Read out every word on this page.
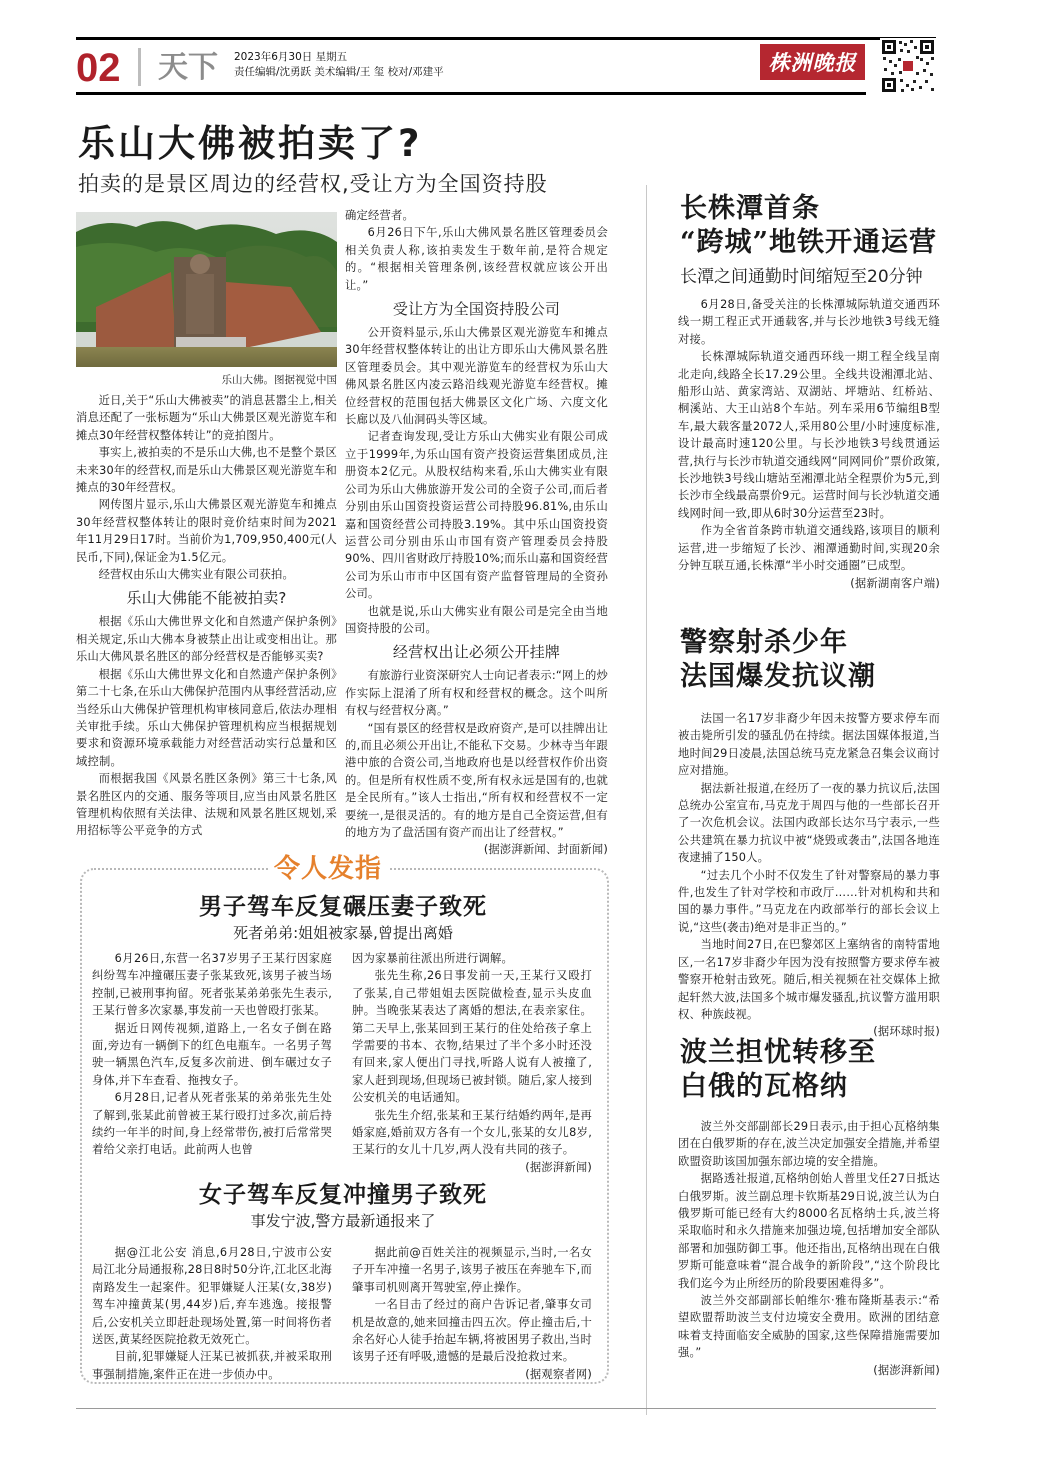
02 天下 2023年6月30日 星期五
责任编辑/沈勇跃 美术编辑/王 玺 校对/邓建平	株洲晚报
乐山大佛被拍卖了?
拍卖的是景区周边的经营权,受让方为全国资持股
乐山大佛。图据视觉中国

近日,关于“乐山大佛被卖”的消息甚嚣尘上,相关消息还配了一张标题为“乐山大佛景区观光游览车和摊点30年经营权整体转让”的竞拍图片。

事实上,被拍卖的不是乐山大佛,也不是整个景区未来30年的经营权,而是乐山大佛景区观光游览车和摊点的30年经营权。

网传图片显示,乐山大佛景区观光游览车和摊点30年经营权整体转让的限时竞价结束时间为2021年11月29日17时。当前价为1,709,950,400元(人民币,下同),保证金为1.5亿元。

经营权由乐山大佛实业有限公司获拍。

乐山大佛能不能被拍卖?

根据《乐山大佛世界文化和自然遗产保护条例》相关规定,乐山大佛本身被禁止出让或变相出让。那乐山大佛风景名胜区的部分经营权是否能够买卖?

根据《乐山大佛世界文化和自然遗产保护条例》第二十七条,在乐山大佛保护范围内从事经营活动,应当经乐山大佛保护管理机构审核同意后,依法办理相关审批手续。乐山大佛保护管理机构应当根据规划要求和资源环境承载能力对经营活动实行总量和区域控制。

而根据我国《风景名胜区条例》第三十七条,风景名胜区内的交通、服务等项目,应当由风景名胜区管理机构依照有关法律、法规和风景名胜区规划,采用招标等公平竞争的方式

确定经营者。

6月26日下午,乐山大佛风景名胜区管理委员会相关负责人称,该拍卖发生于数年前,是符合规定的。“根据相关管理条例,该经营权就应该公开出让。”

受让方为全国资持股公司

公开资料显示,乐山大佛景区观光游览车和摊点30年经营权整体转让的出让方即乐山大佛风景名胜区管理委员会。其中观光游览车的经营权为乐山大佛风景名胜区内凌云路沿线观光游览车经营权。摊位经营权的范围包括大佛景区文化广场、六度文化长廊以及八仙洞码头等区域。

记者查询发现,受让方乐山大佛实业有限公司成立于1999年,为乐山国有资产投资运营集团成员,注册资本2亿元。从股权结构来看,乐山大佛实业有限公司为乐山大佛旅游开发公司的全资子公司,而后者分别由乐山国资投资运营公司持股96.81%,由乐山嘉和国资经营公司持股3.19%。其中乐山国资投资运营公司分别由乐山市国有资产管理委员会持股90%、四川省财政厅持股10%;而乐山嘉和国资经营公司为乐山市市中区国有资产监督管理局的全资孙公司。

也就是说,乐山大佛实业有限公司是完全由当地国资持股的公司。

经营权出让必须公开挂牌

有旅游行业资深研究人士向记者表示:“网上的炒作实际上混淆了所有权和经营权的概念。这个叫所有权与经营权分离。”

“国有景区的经营权是政府资产,是可以挂牌出让的,而且必须公开出让,不能私下交易。少林寺当年跟港中旅的合资公司,当地政府也是以经营权作价出资的。但是所有权性质不变,所有权永远是国有的,也就是全民所有。”该人士指出,“所有权和经营权不一定要统一,是很灵活的。有的地方是自己全资运营,但有的地方为了盘活国有资产而出让了经营权。”

(据澎湃新闻、封面新闻)
长株潭首条
“跨城”地铁开通运营
长潭之间通勤时间缩短至20分钟

6月28日,备受关注的长株潭城际轨道交通西环线一期工程正式开通载客,并与长沙地铁3号线无缝对接。

长株潭城际轨道交通西环线一期工程全线呈南北走向,线路全长17.29公里。全线共设湘潭北站、船形山站、黄家湾站、双湖站、坪塘站、红桥站、桐溪站、大王山站8个车站。列车采用6节编组B型车,最大载客量2072人,采用80公里/小时速度标准,设计最高时速120公里。与长沙地铁3号线贯通运营,执行与长沙市轨道交通线网“同网同价”票价政策,长沙地铁3号线山塘站至湘潭北站全程票价为5元,到长沙市全线最高票价9元。运营时间与长沙轨道交通线网时间一致,即从6时30分运营至23时。

作为全省首条跨市轨道交通线路,该项目的顺利运营,进一步缩短了长沙、湘潭通勤时间,实现20余分钟互联互通,长株潭“半小时交通圈”已成型。

(据新湖南客户端)
警察射杀少年
法国爆发抗议潮

法国一名17岁非裔少年因未按警方要求停车而被击毙所引发的骚乱仍在持续。据法国媒体报道,当地时间29日凌晨,法国总统马克龙紧急召集会议商讨应对措施。

据法新社报道,在经历了一夜的暴力抗议后,法国总统办公室宣布,马克龙于周四与他的一些部长召开了一次危机会议。法国内政部长达尔马宁表示,一些公共建筑在暴力抗议中被“烧毁或袭击”,法国各地连夜逮捕了150人。

“过去几个小时不仅发生了针对警察局的暴力事件,也发生了针对学校和市政厅……针对机构和共和国的暴力事件。”马克龙在内政部举行的部长会议上说,“这些(袭击)绝对是非正当的。”

当地时间27日,在巴黎郊区上塞纳省的南特雷地区,一名17岁非裔少年因为没有按照警方要求停车被警察开枪射击致死。随后,相关视频在社交媒体上掀起轩然大波,法国多个城市爆发骚乱,抗议警方滥用职权、种族歧视。

(据环球时报)
波兰担忧转移至
白俄的瓦格纳

波兰外交部副部长29日表示,由于担心瓦格纳集团在白俄罗斯的存在,波兰决定加强安全措施,并希望欧盟资助该国加强东部边境的安全措施。

据路透社报道,瓦格纳创始人普里戈任27日抵达白俄罗斯。波兰副总理卡钦斯基29日说,波兰认为白俄罗斯可能已经有大约8000名瓦格纳士兵,波兰将采取临时和永久措施来加强边境,包括增加安全部队部署和加强防御工事。他还指出,瓦格纳出现在白俄罗斯可能意味着“混合战争的新阶段”,“这个阶段比我们迄今为止所经历的阶段要困难得多”。

波兰外交部副部长帕维尔·雅布隆斯基表示:“希望欧盟帮助波兰支付边境安全费用。欧洲的团结意味着支持面临安全威胁的国家,这些保障措施需要加强。”

(据澎湃新闻)
令人发指
男子驾车反复碾压妻子致死
死者弟弟:姐姐被家暴,曾提出离婚

6月26日,东营一名37岁男子王某行因家庭纠纷驾车冲撞碾压妻子张某致死,该男子被当场控制,已被刑事拘留。死者张某弟弟张先生表示,王某行曾多次家暴,事发前一天也曾殴打张某。

据近日网传视频,道路上,一名女子倒在路面,旁边有一辆倒下的红色电瓶车。一名男子驾驶一辆黑色汽车,反复多次前进、倒车碾过女子身体,并下车查看、拖拽女子。

6月28日,记者从死者张某的弟弟张先生处了解到,张某此前曾被王某行殴打过多次,前后持续约一年半的时间,身上经常带伤,被打后常常哭着给父亲打电话。此前两人也曾

因为家暴前往派出所进行调解。

张先生称,26日事发前一天,王某行又殴打了张某,自己带姐姐去医院做检查,显示头皮血肿。当晚张某表达了离婚的想法,在表亲家住。第二天早上,张某回到王某行的住处给孩子拿上学需要的书本、衣物,结果过了半个多小时还没有回来,家人便出门寻找,听路人说有人被撞了,家人赶到现场,但现场已被封锁。随后,家人接到公安机关的电话通知。

张先生介绍,张某和王某行结婚约两年,是再婚家庭,婚前双方各有一个女儿,张某的女儿8岁,王某行的女儿十几岁,两人没有共同的孩子。

(据澎湃新闻)
女子驾车反复冲撞男子致死
事发宁波,警方最新通报来了

据@江北公安 消息,6月28日,宁波市公安局江北分局通报称,28日8时50分许,江北区北海南路发生一起案件。犯罪嫌疑人汪某(女,38岁)驾车冲撞黄某(男,44岁)后,弃车逃逸。接报警后,公安机关立即赶赴现场处置,第一时间将伤者送医,黄某经医院抢救无效死亡。

目前,犯罪嫌疑人汪某已被抓获,并被采取刑事强制措施,案件正在进一步侦办中。

据此前@百姓关注的视频显示,当时,一名女子开车冲撞一名男子,该男子被压在奔驰车下,而肇事司机则离开驾驶室,停止操作。

一名目击了经过的商户告诉记者,肇事女司机是故意的,她来回撞击四五次。停止撞击后,十余名好心人徒手抬起车辆,将被困男子救出,当时该男子还有呼吸,遗憾的是最后没抢救过来。

(据观察者网)
